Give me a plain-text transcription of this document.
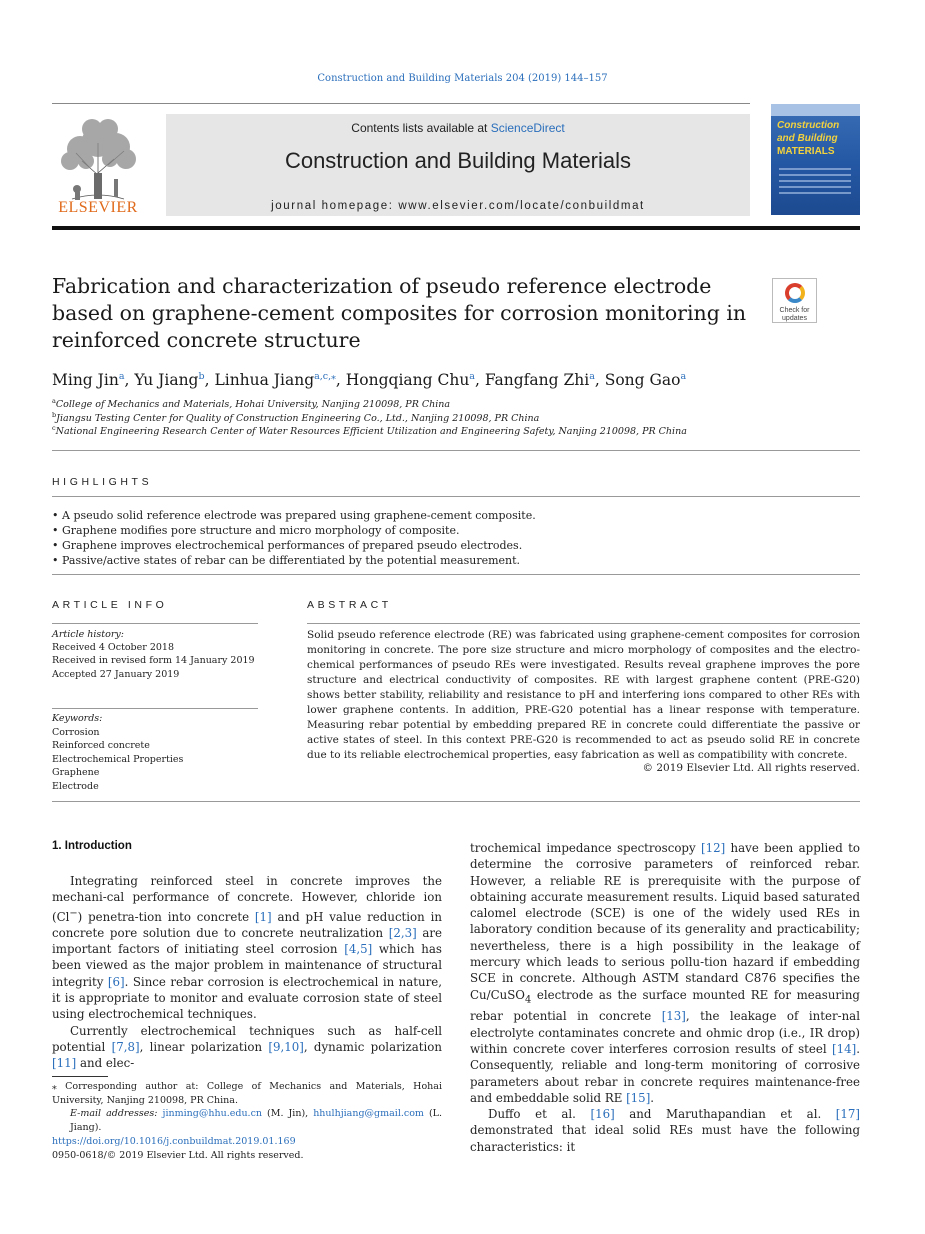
Construction and Building Materials 204 (2019) 144–157
ELSEVIER
Contents lists available at ScienceDirect
Construction and Building Materials
journal homepage: www.elsevier.com/locate/conbuildmat
Construction
and Building
MATERIALS
Fabrication and characterization of pseudo reference electrode based on graphene-cement composites for corrosion monitoring in reinforced concrete structure
Check for
updates
Ming Jin$^a$, Yu Jiang$^b$, Linhua Jiang$^{a,c,⁎}$, Hongqiang Chu$^a$, Fangfang Zhi$^a$, Song Gao$^a$
$^a$College of Mechanics and Materials, Hohai University, Nanjing 210098, PR China
$^b$Jiangsu Testing Center for Quality of Construction Engineering Co., Ltd., Nanjing 210098, PR China
$^c$National Engineering Research Center of Water Resources Efficient Utilization and Engineering Safety, Nanjing 210098, PR China
HIGHLIGHTS
• A pseudo solid reference electrode was prepared using graphene-cement composite.
• Graphene modifies pore structure and micro morphology of composite.
• Graphene improves electrochemical performances of prepared pseudo electrodes.
• Passive/active states of rebar can be differentiated by the potential measurement.
ARTICLE INFO
Article history:
Received 4 October 2018
Received in revised form 14 January 2019
Accepted 27 January 2019
Keywords:
Corrosion
Reinforced concrete
Electrochemical Properties
Graphene
Electrode
ABSTRACT
Solid pseudo reference electrode (RE) was fabricated using graphene-cement composites for corrosion monitoring in concrete. The pore size structure and micro morphology of composites and the electro-chemical performances of pseudo REs were investigated. Results reveal graphene improves the pore structure and electrical conductivity of composites. RE with largest graphene content (PRE-G20) shows better stability, reliability and resistance to pH and interfering ions compared to other REs with lower graphene contents. In addition, PRE-G20 potential has a linear response with temperature. Measuring rebar potential by embedding prepared RE in concrete could differentiate the passive or active states of steel. In this context PRE-G20 is recommended to act as pseudo solid RE in concrete due to its reliable electrochemical properties, easy fabrication as well as compatibility with concrete.
© 2019 Elsevier Ltd. All rights reserved.
1. Introduction

Integrating reinforced steel in concrete improves the mechani-cal performance of concrete. However, chloride ion (Cl−) penetra-tion into concrete [1] and pH value reduction in concrete pore solution due to concrete neutralization [2,3] are important factors of initiating steel corrosion [4,5] which has been viewed as the major problem in maintenance of structural integrity [6]. Since rebar corrosion is electrochemical in nature, it is appropriate to monitor and evaluate corrosion state of steel using electrochemical techniques.

Currently electrochemical techniques such as half-cell potential [7,8], linear polarization [9,10], dynamic polarization [11] and elec-

trochemical impedance spectroscopy [12] have been applied to determine the corrosive parameters of reinforced rebar. However, a reliable RE is prerequisite with the purpose of obtaining accurate measurement results. Liquid based saturated calomel electrode (SCE) is one of the widely used REs in laboratory condition because of its generality and practicability; nevertheless, there is a high possibility in the leakage of mercury which leads to serious pollu-tion hazard if embedding SCE in concrete. Although ASTM standard C876 specifies the Cu/CuSO$_4$ electrode as the surface mounted RE for measuring rebar potential in concrete [13], the leakage of inter-nal electrolyte contaminates concrete and ohmic drop (i.e., IR drop) within concrete cover interferes corrosion results of steel [14]. Consequently, reliable and long-term monitoring of corrosive parameters about rebar in concrete requires maintenance-free and embeddable solid RE [15].

Duffo et al. [16] and Maruthapandian et al. [17] demonstrated that ideal solid REs must have the following characteristics: it

⁎ Corresponding author at: College of Mechanics and Materials, Hohai University, Nanjing 210098, PR China.
E-mail addresses: jinming@hhu.edu.cn (M. Jin), hhulhjiang@gmail.com (L. Jiang).
https://doi.org/10.1016/j.conbuildmat.2019.01.169
0950-0618/© 2019 Elsevier Ltd. All rights reserved.
